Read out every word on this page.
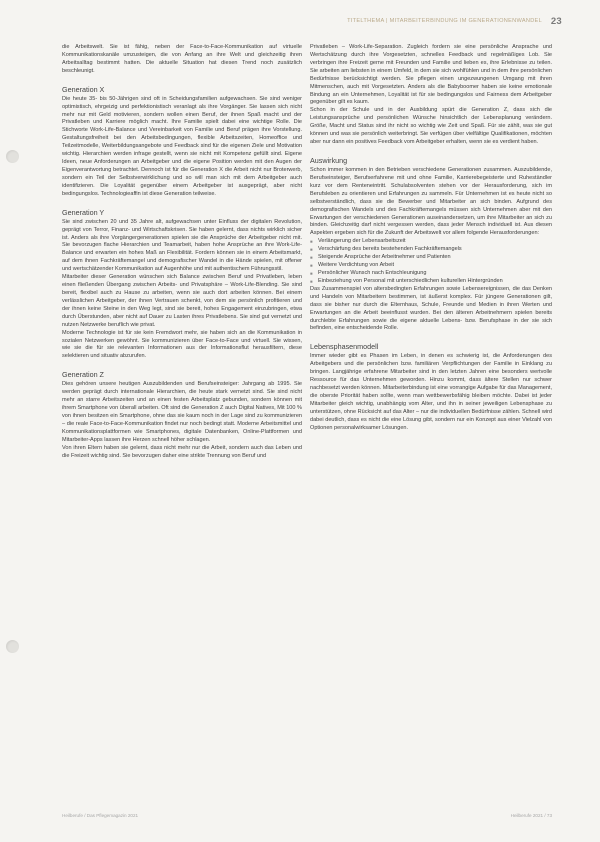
TITELTHEMA | MITARBEITERBINDUNG IM GENERATIONENWANDEL 23

die Arbeitswelt. Sie ist fähig, neben der Face-to-Face-Kommunikation auf virtuelle Kommunikationskanäle umzusteigen, die von Anfang an ihre Welt und gleichzeitig ihren Arbeitsalltag bestimmt hatten. Die aktuelle Situation hat diesen Trend noch zusätzlich beschleunigt.

Generation X

Die heute 35- bis 50-Jährigen sind oft in Scheidungsfamilien aufgewachsen. Sie sind weniger optimistisch, ehrgeizig und perfektionistisch veranlagt als ihre Vorgänger. Sie lassen sich nicht mehr nur mit Geld motivieren, sondern wollen einen Beruf, der ihnen Spaß macht und der Privatleben und Karriere möglich macht. Ihre Familie spielt dabei eine wichtige Rolle. Die Stichworte Work-Life-Balance und Vereinbarkeit von Familie und Beruf prägen ihre Vorstellung. Gestaltungsfreiheit bei den Arbeitsbedingungen, flexible Arbeitszeiten, Homeoffice und Teilzeitmodelle, Weiterbildungsangebote und Feedback sind für die eigenen Ziele und Motivation wichtig. Hierarchien werden infrage gestellt, wenn sie nicht mit Kompetenz gefüllt sind. Eigene Ideen, neue Anforderungen an Arbeitgeber und die eigene Position werden mit den Augen der Eigenverantwortung betrachtet. Dennoch ist für die Generation X die Arbeit nicht nur Broterwerb, sondern ein Teil der Selbstverwirklichung und so will man sich mit dem Arbeitgeber auch identifizieren. Die Loyalität gegenüber einem Arbeitgeber ist ausgeprägt, aber nicht bedingungslos. Technologieaffin ist diese Generation teilweise.

Generation Y

Sie sind zwischen 20 und 35 Jahre alt, aufgewachsen unter Einfluss der digitalen Revolution, geprägt von Terror, Finanz- und Wirtschaftskrisen. Sie haben gelernt, dass nichts wirklich sicher ist. Anders als ihre Vorgängergenerationen spielen sie die Ansprüche der Arbeitgeber nicht mit. Sie bevorzugen flache Hierarchien und Teamarbeit, haben hohe Ansprüche an ihre Work-Life-Balance und erwarten ein hohes Maß an Flexibilität. Fordern können sie in einem Arbeitsmarkt, auf dem ihnen Fachkräftemangel und demografischer Wandel in die Hände spielen, mit offener und wertschätzender Kommunikation auf Augenhöhe und mit authentischem Führungsstil.

Mitarbeiter dieser Generation wünschen sich Balance zwischen Beruf und Privatleben, leben einen fließenden Übergang zwischen Arbeits- und Privatsphäre – Work-Life-Blending. Sie sind bereit, flexibel auch zu Hause zu arbeiten, wenn sie auch dort arbeiten können. Bei einem verlässlichen Arbeitgeber, der ihnen Vertrauen schenkt, von dem sie persönlich profitieren und der ihnen keine Steine in den Weg legt, sind sie bereit, hohes Engagement einzubringen, etwa durch Überstunden, aber nicht auf Dauer zu Lasten ihres Privatlebens. Sie sind gut vernetzt und nutzen Netzwerke beruflich wie privat.

Moderne Technologie ist für sie kein Fremdwort mehr, sie haben sich an die Kommunikation in sozialen Netzwerken gewöhnt. Sie kommunizieren über Face-to-Face und virtuell. Sie wissen, wie sie die für sie relevanten Informationen aus der Informationsflut herausfiltern, diese selektieren und situativ abzurufen.

Generation Z

Dies gehören unsere heutigen Auszubildenden und Berufseinsteiger: Jahrgang ab 1995. Sie werden geprägt durch internationale Hierarchien, die heute stark vernetzt sind. Sie sind nicht mehr an starre Arbeitszeiten und an einen festen Arbeitsplatz gebunden, sondern können mit ihrem Smartphone von überall arbeiten. Oft sind die Generation Z auch Digital Natives, Mit 100 % von ihnen besitzen ein Smartphone, ohne das sie kaum noch in der Lage sind zu kommunizieren – die reale Face-to-Face-Kommunikation findet nur noch bedingt statt. Moderne Arbeitsmittel und Kommunikationsplattformen wie Smartphones, digitale Datenbanken, Online-Plattformen und Mitarbeiter-Apps lassen ihre Herzen schnell höher schlagen.

Von ihren Eltern haben sie gelernt, dass nicht mehr nur die Arbeit, sondern auch das Leben und die Freizeit wichtig sind. Sie bevorzugen daher eine strikte Trennung von Beruf und

Privatleben – Work-Life-Separation. Zugleich fordern sie eine persönliche Ansprache und Wertschätzung durch ihre Vorgesetzten, schnelles Feedback und regelmäßiges Lob. Sie verbringen ihre Freizeit gerne mit Freunden und Familie und lieben es, ihre Erlebnisse zu teilen. Sie arbeiten am liebsten in einem Umfeld, in dem sie sich wohlfühlen und in dem ihre persönlichen Bedürfnisse berücksichtigt werden. Sie pflegen einen ungezwungenen Umgang mit ihren Mitmenschen, auch mit Vorgesetzten. Anders als die Babyboomer haben sie keine emotionale Bindung an ein Unternehmen, Loyalität ist für sie bedingungslos und Fairness dem Arbeitgeber gegenüber gilt es kaum.

Schon in der Schule und in der Ausbildung spürt die Generation Z, dass sich die Leistungsansprüche und persönlichen Wünsche hinsichtlich der Lebensplanung verändern. Größe, Macht und Status sind ihr nicht so wichtig wie Zeit und Spaß. Für sie zählt, was sie gut können und was sie persönlich weiterbringt. Sie verfügen über vielfältige Qualifikationen, möchten aber nur dann ein positives Feedback vom Arbeitgeber erhalten, wenn sie es verdient haben.

Auswirkung

Schon immer kommen in den Betrieben verschiedene Generationen zusammen. Auszubildende, Berufseinsteiger, Berufserfahrene mit und ohne Familie, Karrierebegeisterte und Ruheständler kurz vor dem Renteneintritt. Schulabsolventen stehen vor der Herausforderung, sich im Berufsleben zu orientieren und Erfahrungen zu sammeln. Für Unternehmen ist es heute nicht so selbstverständlich, dass sie die Bewerber und Mitarbeiter an sich binden. Aufgrund des demografischen Wandels und des Fachkräftemangels müssen sich Unternehmen aber mit den Erwartungen der verschiedenen Generationen auseinandersetzen, um ihre Mitarbeiter an sich zu binden. Gleichzeitig darf nicht vergessen werden, dass jeder Mensch individuell ist. Aus diesen Aspekten ergeben sich für die Zukunft der Arbeitswelt vor allem folgende Herausforderungen:

■ Verlängerung der Lebensarbeitszeit
■ Verschärfung des bereits bestehenden Fachkräftemangels
■ Steigende Ansprüche der Arbeitnehmer und Patienten
■ Weitere Verdichtung von Arbeit
■ Persönlicher Wunsch nach Entschleunigung
■ Einbeziehung von Personal mit unterschiedlichen kulturellen Hintergründen

Das Zusammenspiel von altersbedingten Erfahrungen sowie Lebensereignissen, die das Denken und Handeln von Mitarbeitern bestimmen, ist äußerst komplex. Für jüngere Generationen gilt, dass sie bisher nur durch die Elternhaus, Schule, Freunde und Medien in ihren Werten und Erwartungen an die Arbeit beeinflusst wurden. Bei den älteren Arbeitnehmern spielen bereits durchlebte Erfahrungen sowie die eigene aktuelle Lebens- bzw. Berufsphase in der sie sich befinden, eine entscheidende Rolle.

Lebensphasenmodell

Immer wieder gibt es Phasen im Leben, in denen es schwierig ist, die Anforderungen des Arbeitgebers und die persönlichen bzw. familiären Verpflichtungen der Familie in Einklang zu bringen. Langjährige erfahrene Mitarbeiter sind in den letzten Jahren eine besonders wertvolle Ressource für das Unternehmen geworden. Hinzu kommt, dass ältere Stellen nur schwer nachbesetzt werden können. Mitarbeiterbindung ist eine vorrangige Aufgabe für das Management, die oberste Priorität haben sollte, wenn man wettbewerbsfähig bleiben möchte. Dabei ist jeder Mitarbeiter gleich wichtig, unabhängig vom Alter, und ihn in seiner jeweiligen Lebensphase zu unterstützen, ohne Rücksicht auf das Alter – nur die individuellen Bedürfnisse zählen. Schnell wird dabei deutlich, dass es nicht die eine Lösung gibt, sondern nur ein Konzept aus einer Vielzahl von Optionen personalwirksamer Lösungen.

Heilberufe / Das Pflegemagazin 2021	Heilberufe 2021 / 73
